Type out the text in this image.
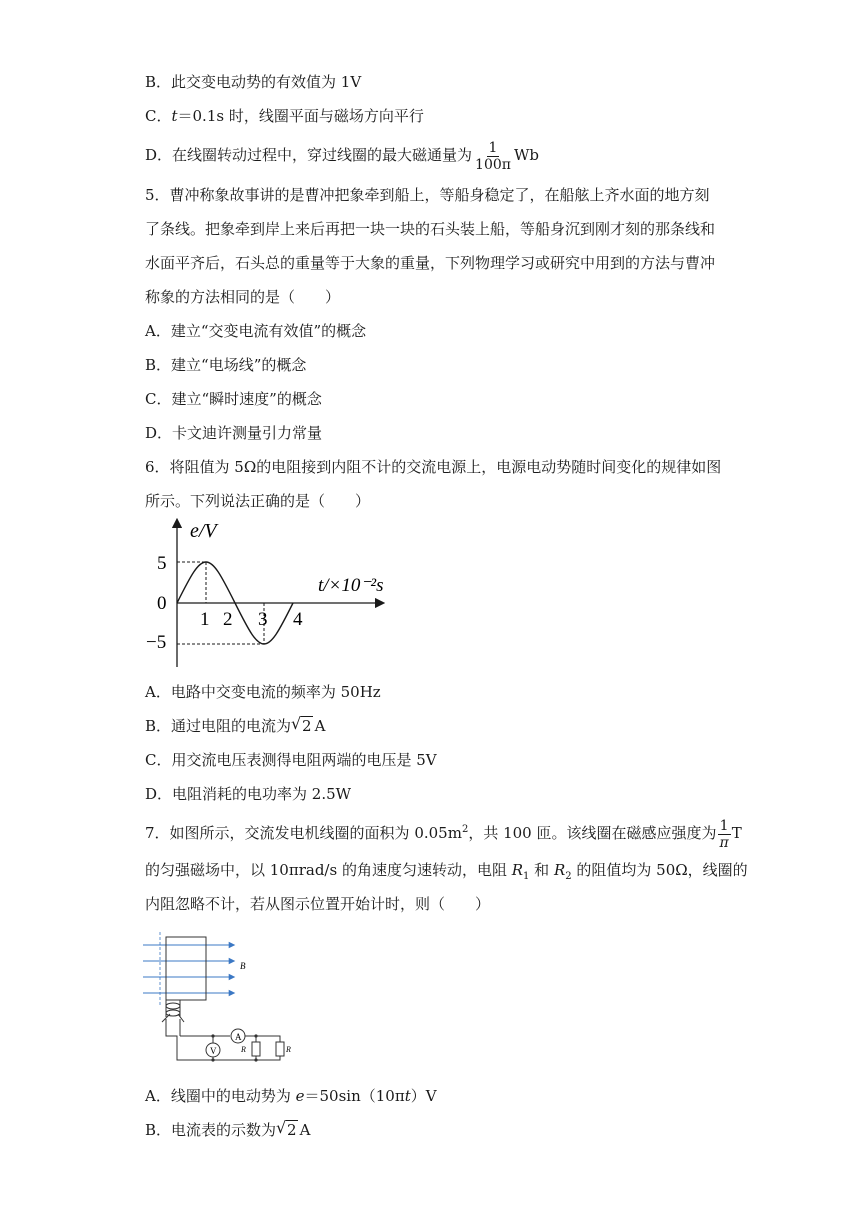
B．此交变电动势的有效值为 1V
C．t＝0.1s 时，线圈平面与磁场方向平行
D．在线圈转动过程中，穿过线圈的最大磁通量为 $\frac{1}{100\pi}$ Wb
5．曹冲称象故事讲的是曹冲把象牵到船上，等船身稳定了，在船舷上齐水面的地方刻
了条线。把象牵到岸上来后再把一块一块的石头装上船，等船身沉到刚才刻的那条线和
水面平齐后，石头总的重量等于大象的重量，下列物理学习或研究中用到的方法与曹冲
称象的方法相同的是（　　）
A．建立“交变电流有效值”的概念
B．建立“电场线”的概念
C．建立“瞬时速度”的概念
D．卡文迪许测量引力常量
6．将阻值为 5Ω的电阻接到内阻不计的交流电源上，电源电动势随时间变化的规律如图
所示。下列说法正确的是（　　）
e/V
t/×10⁻²s
5
0
−5
1 2 3 4
A．电路中交变电流的频率为 50Hz
B．通过电阻的电流为 √ 2 A
C．用交流电压表测得电阻两端的电压是 5V
D．电阻消耗的电功率为 2.5W
7．如图所示，交流发电机线圈的面积为 $0.05m^2$，共 100 匝。该线圈在磁感应强度为 $\frac{1}{\pi}$ T
的匀强磁场中，以 10πrad/s 的角速度匀速转动，电阻 $R_1$ 和 $R_2$ 的阻值均为 50Ω，线圈的
内阻忽略不计，若从图示位置开始计时，则（　　）
B
A
V	R	R
A．线圈中的电动势为 e＝50sin（10πt）V
B．电流表的示数为 √ 2 A
